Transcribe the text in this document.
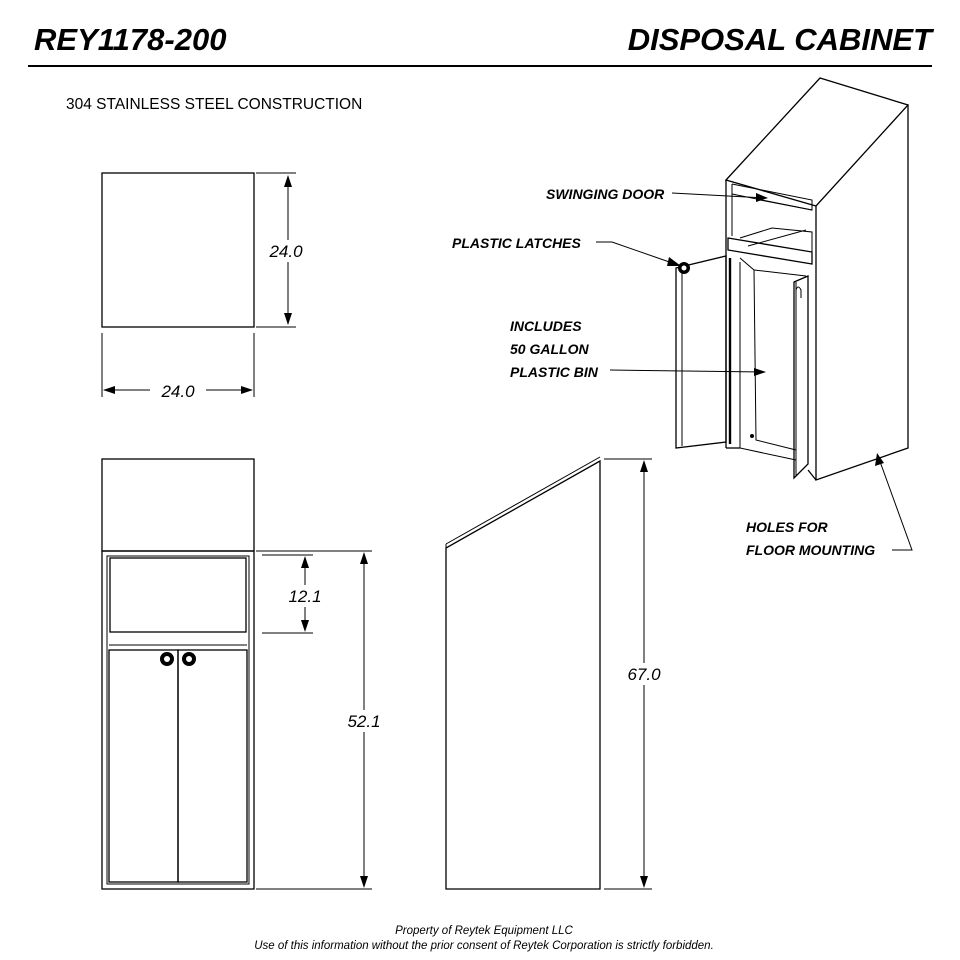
REY1178-200	DISPOSAL CABINET
304 STAINLESS STEEL CONSTRUCTION
24.0
24.0
12.1
52.1
67.0
SWINGING DOOR
PLASTIC LATCHES
INCLUDES
50 GALLON
PLASTIC BIN
HOLES FOR
FLOOR MOUNTING
Property of Reytek Equipment LLC
Use of this information without the prior consent of Reytek Corporation is strictly forbidden.
